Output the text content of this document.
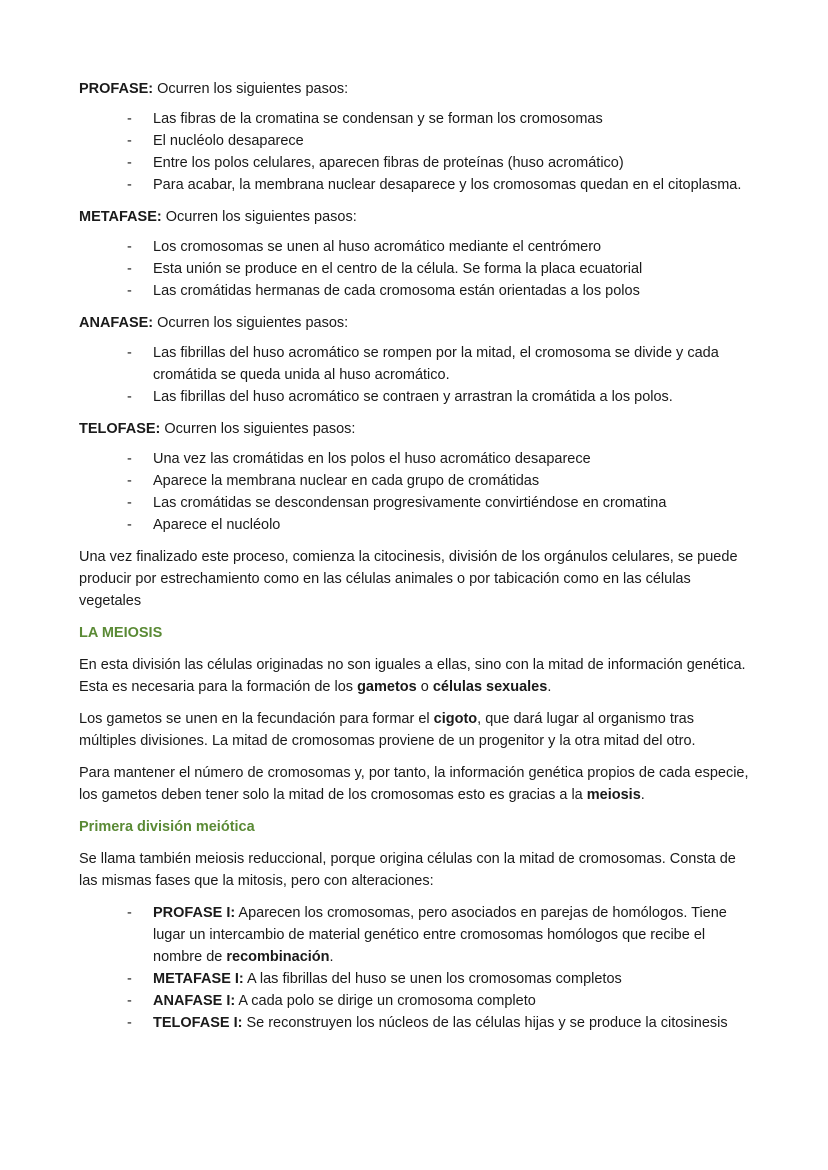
PROFASE: Ocurren los siguientes pasos:

- Las fibras de la cromatina se condensan y se forman los cromosomas
- El nucléolo desaparece
- Entre los polos celulares, aparecen fibras de proteínas (huso acromático)
- Para acabar, la membrana nuclear desaparece y los cromosomas quedan en el citoplasma.

METAFASE: Ocurren los siguientes pasos:

- Los cromosomas se unen al huso acromático mediante el centrómero
- Esta unión se produce en el centro de la célula. Se forma la placa ecuatorial
- Las cromátidas hermanas de cada cromosoma están orientadas a los polos

ANAFASE: Ocurren los siguientes pasos:

- Las fibrillas del huso acromático se rompen por la mitad, el cromosoma se divide y cada cromátida se queda unida al huso acromático.
- Las fibrillas del huso acromático se contraen y arrastran la cromátida a los polos.

TELOFASE: Ocurren los siguientes pasos:

- Una vez las cromátidas en los polos el huso acromático desaparece
- Aparece la membrana nuclear en cada grupo de cromátidas
- Las cromátidas se descondensan progresivamente convirtiéndose en cromatina
- Aparece el nucléolo

Una vez finalizado este proceso, comienza la citocinesis, división de los orgánulos celulares, se puede producir por estrechamiento como en las células animales o por tabicación como en las células vegetales

LA MEIOSIS

En esta división las células originadas no son iguales a ellas, sino con la mitad de información genética. Esta es necesaria para la formación de los gametos o células sexuales.

Los gametos se unen en la fecundación para formar el cigoto, que dará lugar al organismo tras múltiples divisiones. La mitad de cromosomas proviene de un progenitor y la otra mitad del otro.

Para mantener el número de cromosomas y, por tanto, la información genética propios de cada especie, los gametos deben tener solo la mitad de los cromosomas esto es gracias a la meiosis.

Primera división meiótica

Se llama también meiosis reduccional, porque origina células con la mitad de cromosomas. Consta de las mismas fases que la mitosis, pero con alteraciones:

- PROFASE I: Aparecen los cromosomas, pero asociados en parejas de homólogos. Tiene lugar un intercambio de material genético entre cromosomas homólogos que recibe el nombre de recombinación.
- METAFASE I: A las fibrillas del huso se unen los cromosomas completos
- ANAFASE I: A cada polo se dirige un cromosoma completo
- TELOFASE I: Se reconstruyen los núcleos de las células hijas y se produce la citosinesis
